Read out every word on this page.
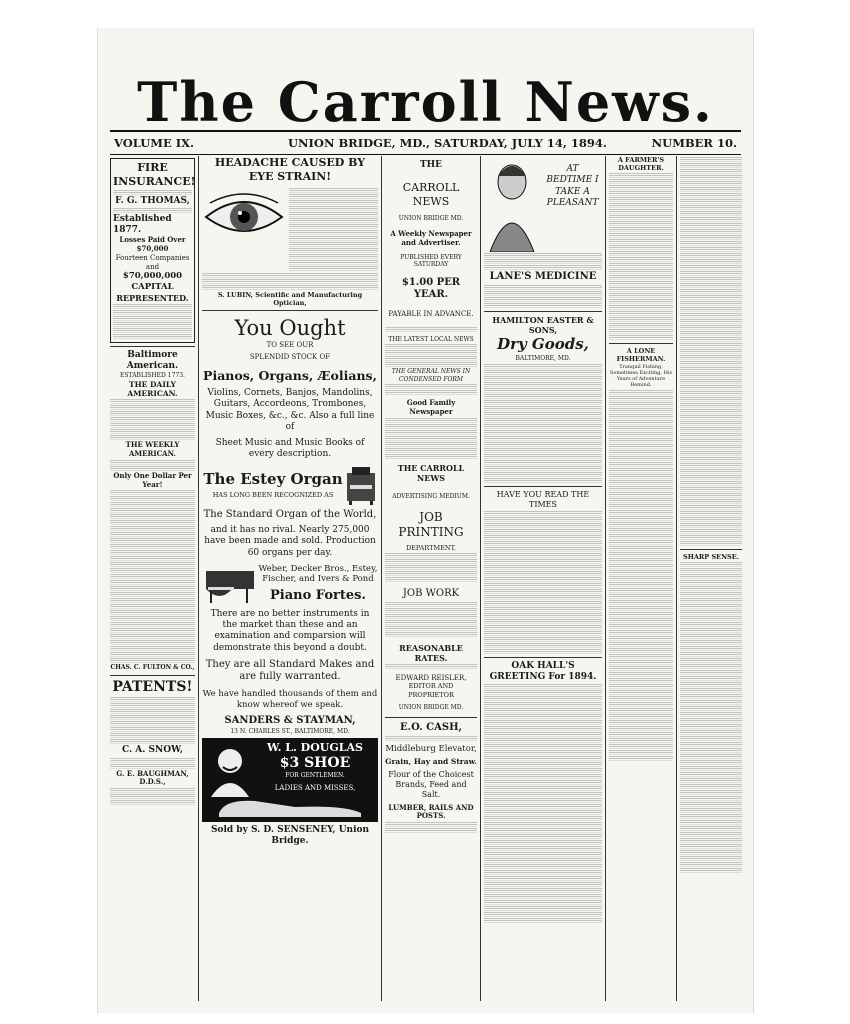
The Carroll News.
VOLUME IX.	UNION BRIDGE, MD., SATURDAY, JULY 14, 1894.	NUMBER 10.
FIRE INSURANCE!
F. G. THOMAS,
Established 1877.
Losses Paid Over $70,000
Fourteen Companies and
$70,000,000 CAPITAL
REPRESENTED.
Baltimore American.
ESTABLISHED 1773.
THE DAILY AMERICAN.
THE WEEKLY AMERICAN.
Only One Dollar Per Year!
CHAS. C. FULTON & CO.,
PATENTS!
C. A. SNOW,
G. E. BAUGHMAN, D.D.S.,
HEADACHE CAUSED BY EYE STRAIN!
S. LUBIN, Scientific and Manufacturing Optician,
You Ought
TO SEE OUR
SPLENDID STOCK OF
Pianos, Organs, Æolians,
Violins, Cornets, Banjos, Mandolins, Guitars, Accordeons, Trombones, Music Boxes, &c., &c. Also a full line of
Sheet Music and Music Books of every description.
The Estey Organ
HAS LONG BEEN RECOGNIZED AS
The Standard Organ of the World,
and it has no rival. Nearly 275,000 have been made and sold. Production 60 organs per day.
Weber, Decker Bros., Estey, Fischer, and Ivers & Pond
Piano Fortes.
There are no better instruments in the market than these and an examination and comparsion will demonstrate this beyond a doubt.
They are all Standard Makes and are fully warranted.
We have handled thousands of them and know whereof we speak.
SANDERS & STAYMAN,
13 N. CHARLES ST., BALTIMORE, MD.
W. L. DOUGLAS
$3 SHOE
FOR GENTLEMEN.
LADIES AND MISSES,
Sold by S. D. SENSENEY, Union Bridge.
THE
CARROLL NEWS
UNION BRIDGE MD.
A Weekly Newspaper and Advertiser.
PUBLISHED EVERY SATURDAY
$1.00 PER YEAR.
PAYABLE IN ADVANCE.
THE LATEST LOCAL NEWS
THE GENERAL NEWS IN CONDENSED FORM
Good Family Newspaper
THE CARROLL NEWS
ADVERTISING MEDIUM.
JOB PRINTING
DEPARTMENT.
JOB WORK
REASONABLE RATES.
EDWARD REISLER,
EDITOR AND PROPRIETOR
UNION BRIDGE MD.
E.O. CASH,
Middleburg Elevator,
Grain, Hay and Straw.
Flour of the Choicest Brands, Feed and Salt.
LUMBER, RAILS AND POSTS.
AT BEDTIME I TAKE A PLEASANT
LANE'S MEDICINE
HAMILTON EASTER & SONS,
Dry Goods,
BALTIMORE, MD.
HAVE YOU READ THE TIMES
OAK HALL'S GREETING For 1894.
A FARMER'S DAUGHTER.
A LONE FISHERMAN.
Tranquil Fishing, Sometimes Exciting, His Years of Adventure Remind.
SHARP SENSE.
